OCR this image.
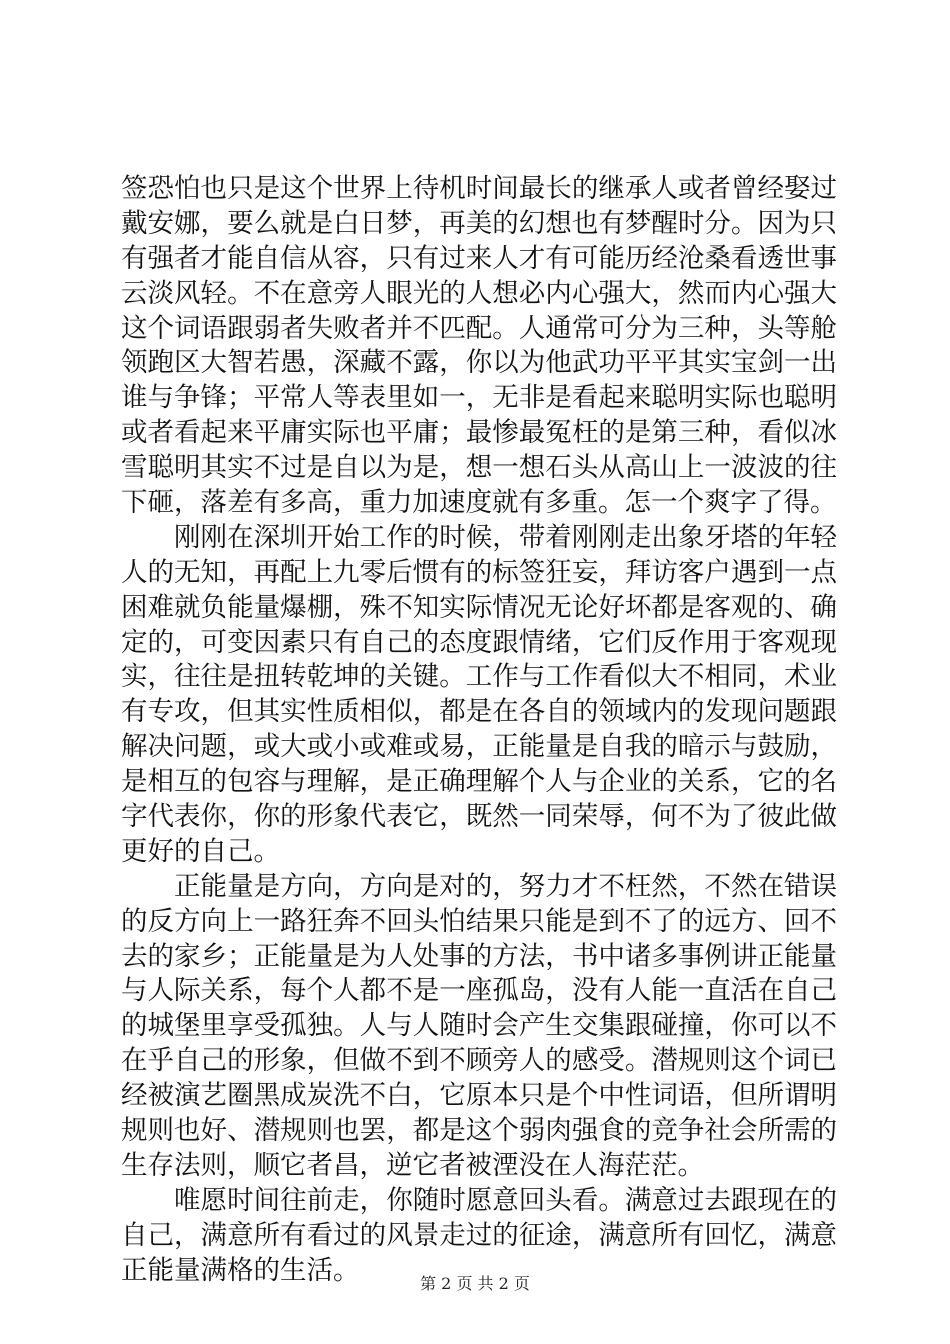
签恐怕也只是这个世界上待机时间最长的继承人或者曾经娶过
戴安娜，要么就是白日梦，再美的幻想也有梦醒时分。因为只
有强者才能自信从容，只有过来人才有可能历经沧桑看透世事
云淡风轻。不在意旁人眼光的人想必内心强大，然而内心强大
这个词语跟弱者失败者并不匹配。人通常可分为三种，头等舱
领跑区大智若愚，深藏不露，你以为他武功平平其实宝剑一出
谁与争锋；平常人等表里如一，无非是看起来聪明实际也聪明
或者看起来平庸实际也平庸；最惨最冤枉的是第三种，看似冰
雪聪明其实不过是自以为是，想一想石头从高山上一波波的往
下砸，落差有多高，重力加速度就有多重。怎一个爽字了得。

　　刚刚在深圳开始工作的时候，带着刚刚走出象牙塔的年轻
人的无知，再配上九零后惯有的标签狂妄，拜访客户遇到一点
困难就负能量爆棚，殊不知实际情况无论好坏都是客观的、确
定的，可变因素只有自己的态度跟情绪，它们反作用于客观现
实，往往是扭转乾坤的关键。工作与工作看似大不相同，术业
有专攻，但其实性质相似，都是在各自的领域内的发现问题跟
解决问题，或大或小或难或易，正能量是自我的暗示与鼓励，
是相互的包容与理解，是正确理解个人与企业的关系，它的名
字代表你，你的形象代表它，既然一同荣辱，何不为了彼此做
更好的自己。

　　正能量是方向，方向是对的，努力才不枉然，不然在错误
的反方向上一路狂奔不回头怕结果只能是到不了的远方、回不
去的家乡；正能量是为人处事的方法，书中诸多事例讲正能量
与人际关系，每个人都不是一座孤岛，没有人能一直活在自己
的城堡里享受孤独。人与人随时会产生交集跟碰撞，你可以不
在乎自己的形象，但做不到不顾旁人的感受。潜规则这个词已
经被演艺圈黑成炭洗不白，它原本只是个中性词语，但所谓明
规则也好、潜规则也罢，都是这个弱肉强食的竞争社会所需的
生存法则，顺它者昌，逆它者被湮没在人海茫茫。

　　唯愿时间往前走，你随时愿意回头看。满意过去跟现在的
自己，满意所有看过的风景走过的征途，满意所有回忆，满意
正能量满格的生活。	第 2 页 共 2 页
